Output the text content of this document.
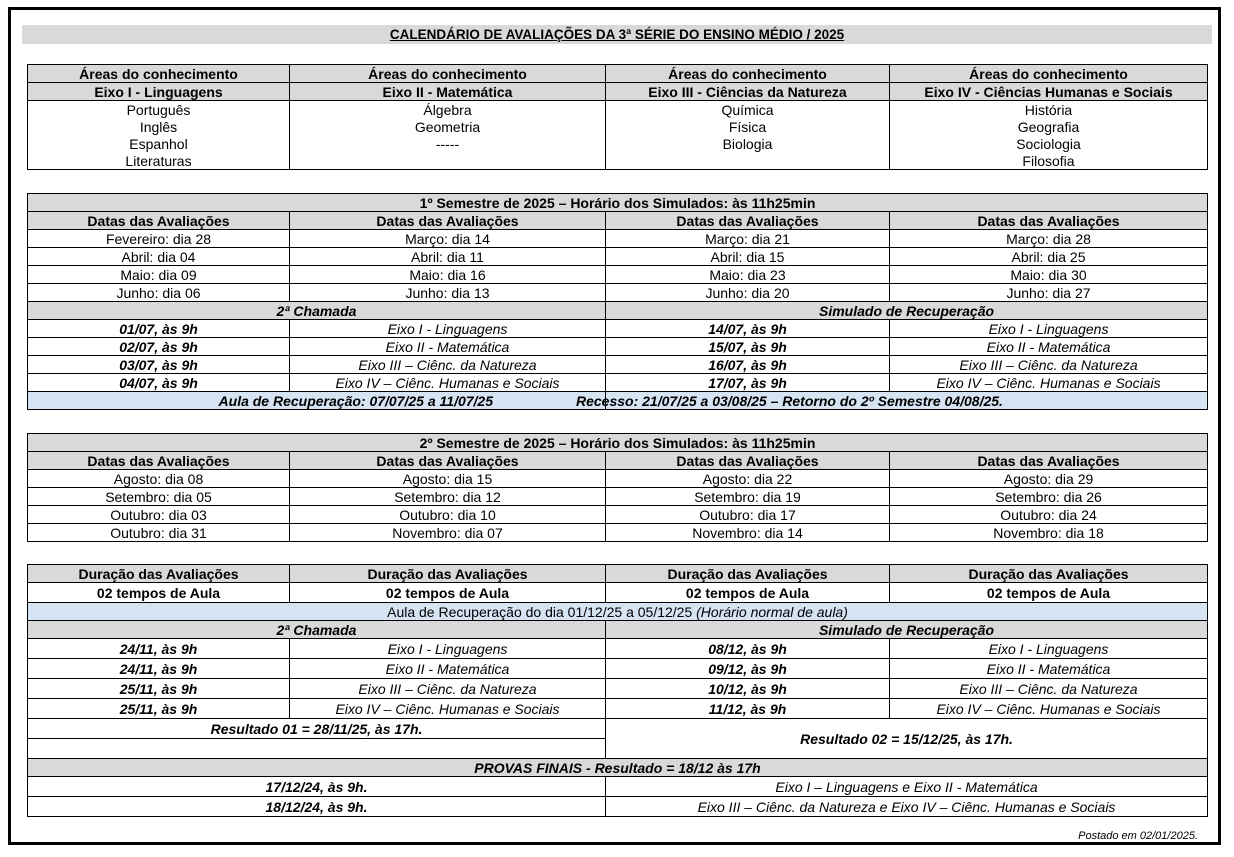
CALENDÁRIO DE AVALIAÇÕES DA 3ª SÉRIE DO ENSINO MÉDIO / 2025
Áreas do conhecimento	Áreas do conhecimento	Áreas do conhecimento	Áreas do conhecimento
Eixo I - Linguagens	Eixo II - Matemática	Eixo III - Ciências da Natureza	Eixo IV - Ciências Humanas e Sociais
Português	Álgebra	Química	História
Inglês	Geometria	Física	Geografia
Espanhol	-----	Biologia	Sociologia
Literaturas			Filosofia
1º Semestre de 2025 – Horário dos Simulados: às 11h25min			
Datas das Avaliações	Datas das Avaliações	Datas das Avaliações	Datas das Avaliações
Fevereiro: dia 28	Março: dia 14	Março: dia 21	Março: dia 28
Abril: dia 04	Abril: dia 11	Abril: dia 15	Abril: dia 25
Maio: dia 09	Maio: dia 16	Maio: dia 23	Maio: dia 30
Junho: dia 06	Junho: dia 13	Junho: dia 20	Junho: dia 27
2ª Chamada		Simulado de Recuperação	
01/07, às 9h	Eixo I - Linguagens	14/07, às 9h	Eixo I - Linguagens
02/07, às 9h	Eixo II - Matemática	15/07, às 9h	Eixo II - Matemática
03/07, às 9h	Eixo III – Ciênc. da Natureza	16/07, às 9h	Eixo III – Ciênc. da Natureza
04/07, às 9h	Eixo IV – Ciênc. Humanas e Sociais	17/07, às 9h	Eixo IV – Ciênc. Humanas e Sociais
Aula de Recuperação: 07/07/25 a 11/07/25		Recesso: 21/07/25 a 03/08/25 – Retorno do 2º Semestre 04/08/25.	
2º Semestre de 2025 – Horário dos Simulados: às 11h25min			
Datas das Avaliações	Datas das Avaliações	Datas das Avaliações	Datas das Avaliações
Agosto: dia 08	Agosto: dia 15	Agosto: dia 22	Agosto: dia 29
Setembro: dia 05	Setembro: dia 12	Setembro: dia 19	Setembro: dia 26
Outubro: dia 03	Outubro: dia 10	Outubro: dia 17	Outubro: dia 24
Outubro: dia 31	Novembro: dia 07	Novembro: dia 14	Novembro: dia 18
Duração das Avaliações	Duração das Avaliações	Duração das Avaliações	Duração das Avaliações
02 tempos de Aula	02 tempos de Aula	02 tempos de Aula	02 tempos de Aula
Aula de Recuperação do dia 01/12/25 a 05/12/25 (Horário normal de aula)			
2ª Chamada		Simulado de Recuperação	
24/11, às 9h	Eixo I - Linguagens	08/12, às 9h	Eixo I - Linguagens
24/11, às 9h	Eixo II - Matemática	09/12, às 9h	Eixo II - Matemática
25/11, às 9h	Eixo III – Ciênc. da Natureza	10/12, às 9h	Eixo III – Ciênc. da Natureza
25/11, às 9h	Eixo IV – Ciênc. Humanas e Sociais	11/12, às 9h	Eixo IV – Ciênc. Humanas e Sociais
Resultado 01 = 28/11/25, às 17h.		Resultado 02 = 15/12/25, às 17h.	

PROVAS FINAIS - Resultado = 18/12 às 17h			
17/12/24, às 9h.		Eixo I – Linguagens e Eixo II - Matemática	
18/12/24, às 9h.		Eixo III – Ciênc. da Natureza e Eixo IV – Ciênc. Humanas e Sociais	
Postado em 02/01/2025.
